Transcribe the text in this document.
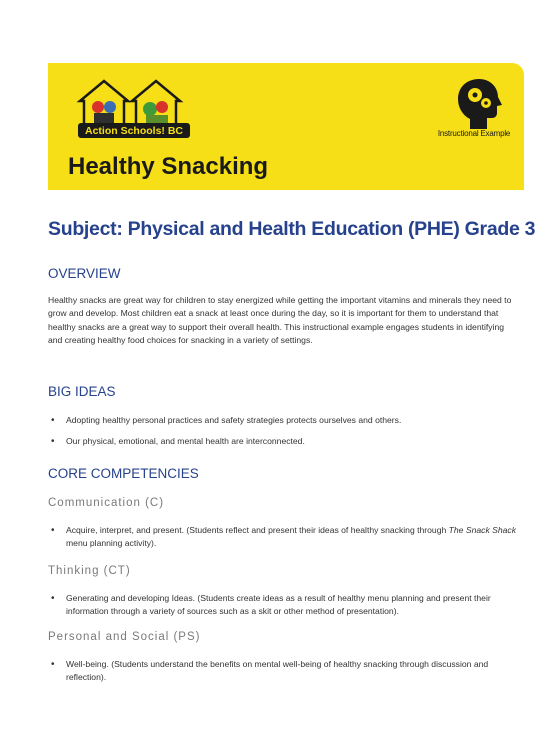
Action Schools! BC
Healthy Snacking
Instructional Example
Subject: Physical and Health Education (PHE) Grade 3
OVERVIEW

Healthy snacks are great way for children to stay energized while getting the important vitamins and minerals they need to grow and develop. Most children eat a snack at least once during the day, so it is important for them to understand that healthy snacks are a great way to support their overall health. This instructional example engages students in identifying and creating healthy food choices for snacking in a variety of settings.

BIG IDEAS
• Adopting healthy personal practices and safety strategies protects ourselves and others.
• Our physical, emotional, and mental health are interconnected.
CORE COMPETENCIES
Communication (C)
• Acquire, interpret, and present. (Students reflect and present their ideas of healthy snacking through The Snack Shack menu planning activity).
Thinking (CT)
• Generating and developing Ideas. (Students create ideas as a result of healthy menu planning and present their information through a variety of sources such as a skit or other method of presentation).
Personal and Social (PS)
• Well-being. (Students understand the benefits on mental well-being of healthy snacking through discussion and reflection).
